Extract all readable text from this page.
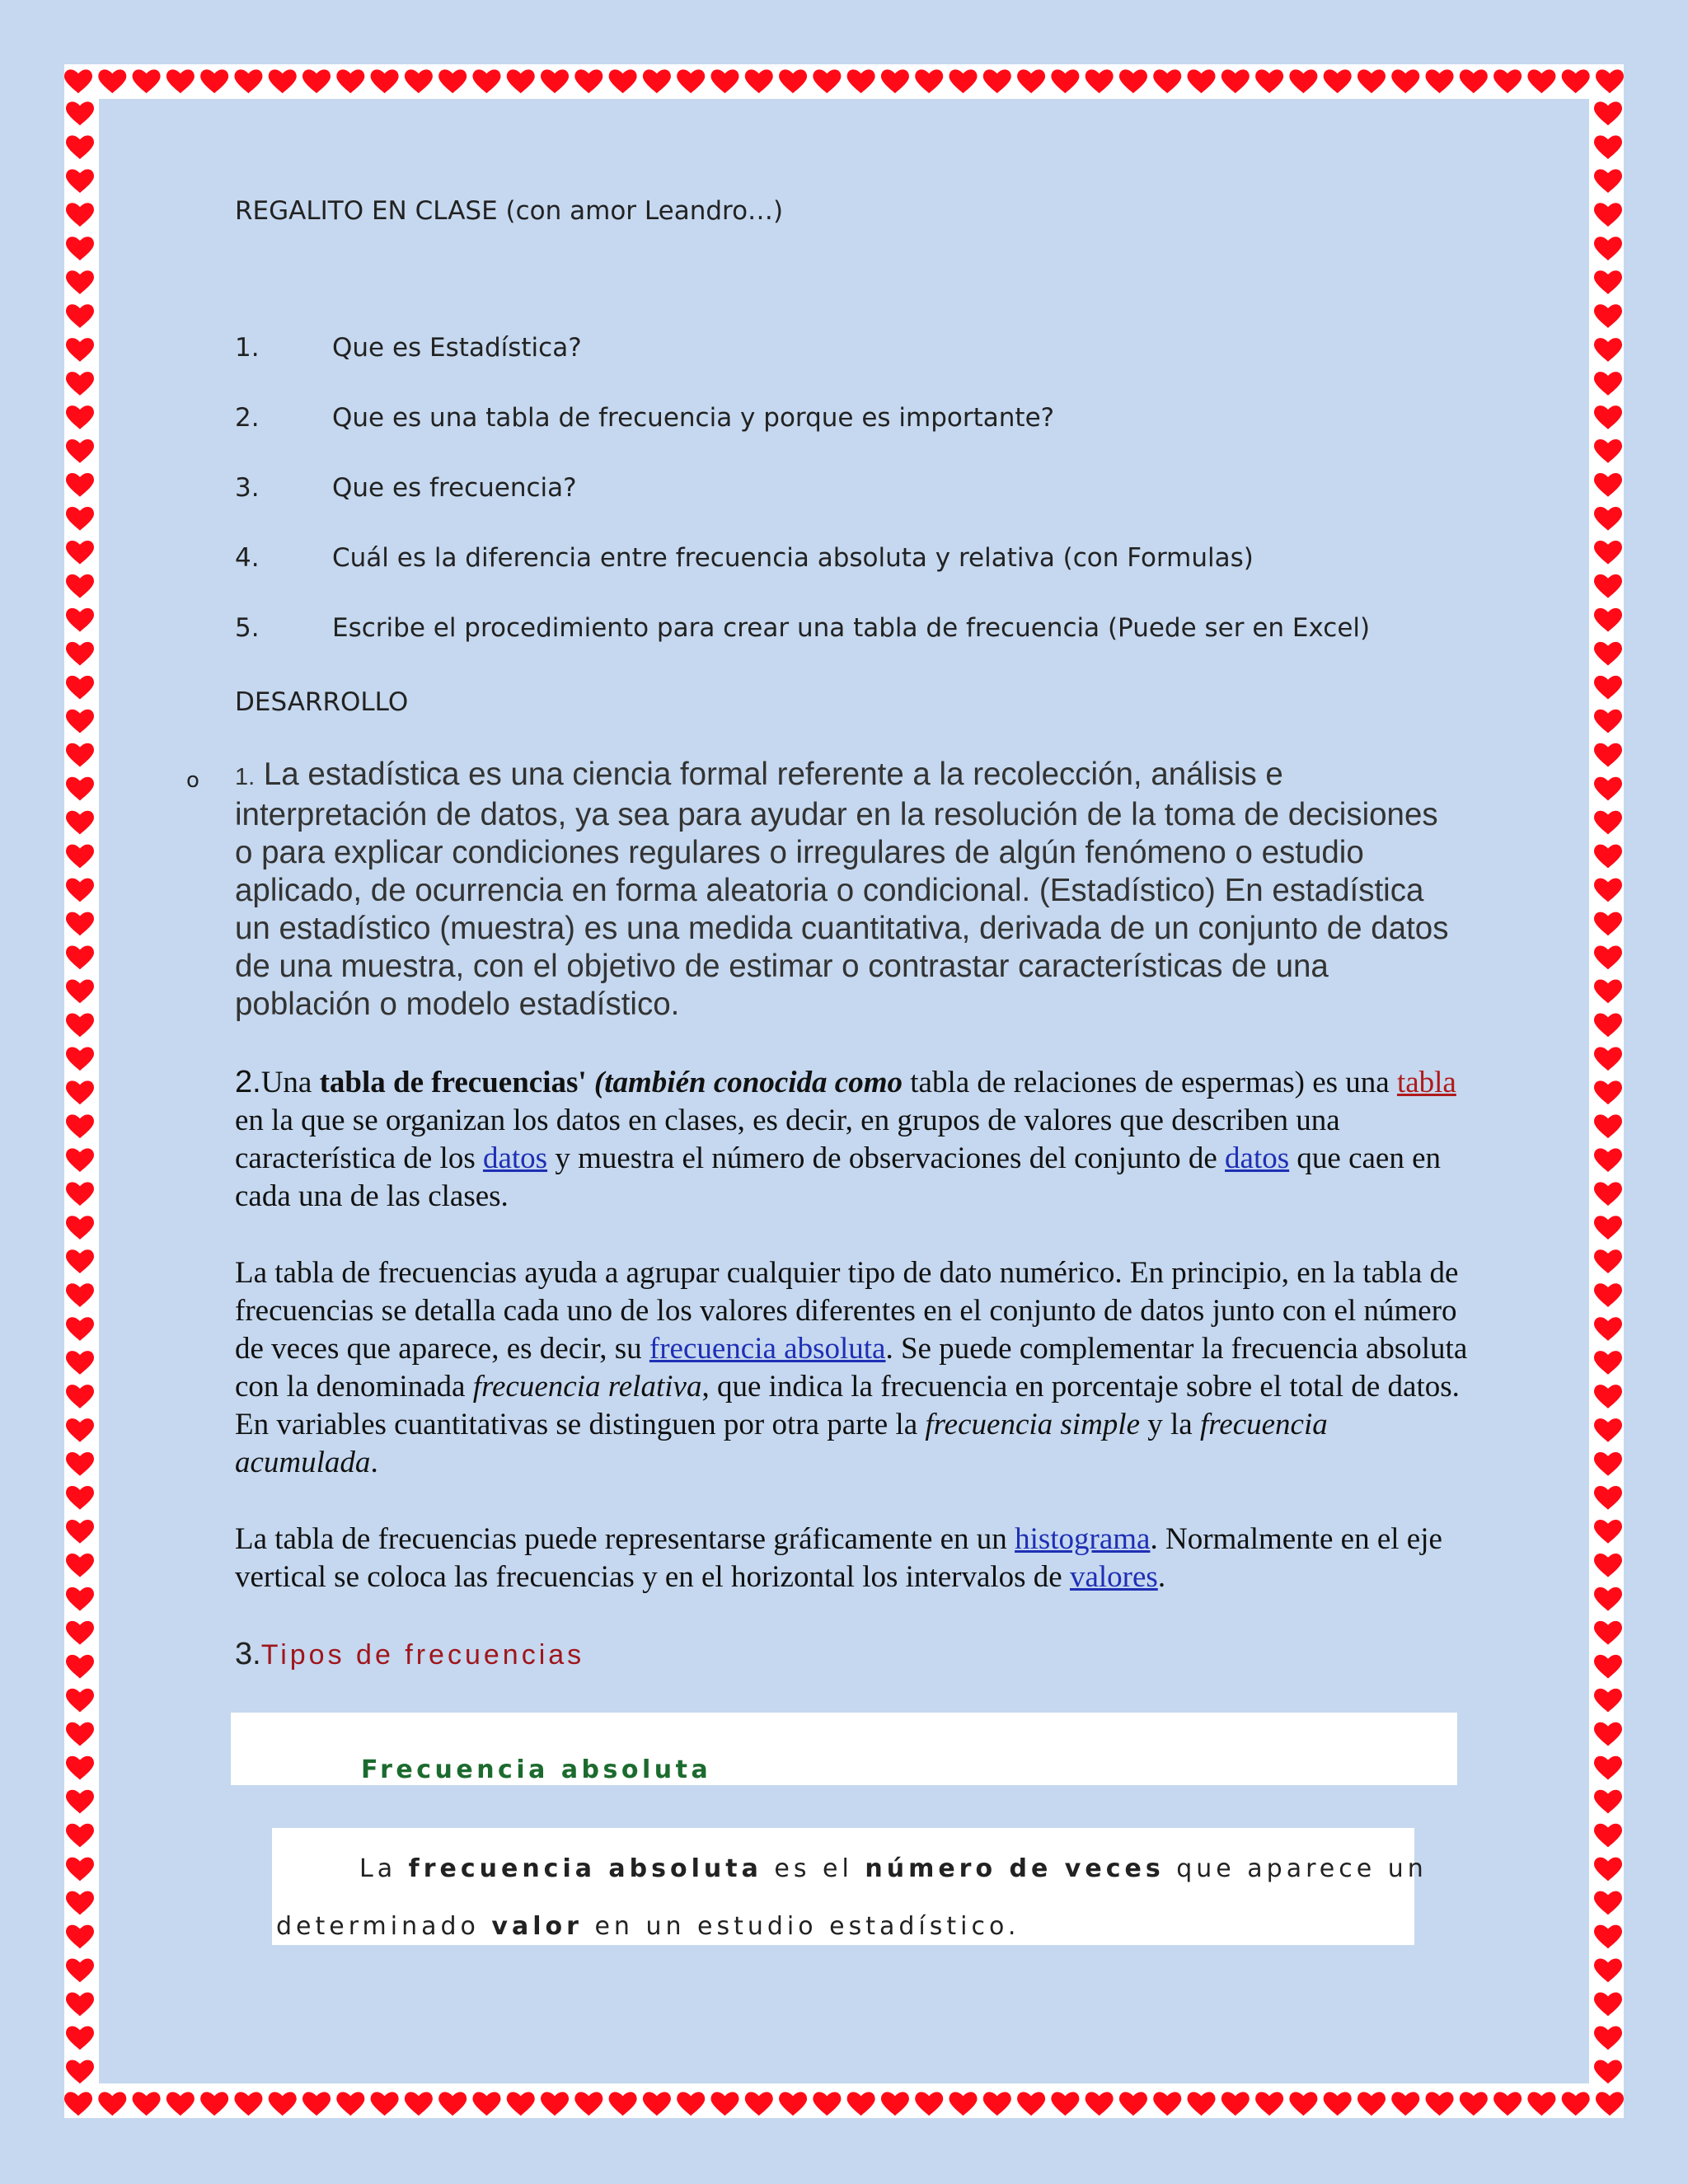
REGALITO EN CLASE (con amor Leandro…)
1.	Que es Estadística?
2.	Que es una tabla de frecuencia y porque es importante?
3.	Que es frecuencia?
4.	Cuál es la diferencia entre frecuencia absoluta y relativa (con Formulas)
5.	Escribe el procedimiento para crear una tabla de frecuencia (Puede ser en Excel)
DESARROLLO
o 1. La estadística es una ciencia formal referente a la recolección, análisis e interpretación de datos, ya sea para ayudar en la resolución de la toma de decisiones o para explicar condiciones regulares o irregulares de algún fenómeno o estudio aplicado, de ocurrencia en forma aleatoria o condicional. (Estadístico) En estadística un estadístico (muestra) es una medida cuantitativa, derivada de un conjunto de datos de una muestra, con el objetivo de estimar o contrastar características de una población o modelo estadístico.
2.Una tabla de frecuencias' (también conocida como tabla de relaciones de espermas) es una tabla en la que se organizan los datos en clases, es decir, en grupos de valores que describen una característica de los datos y muestra el número de observaciones del conjunto de datos que caen en cada una de las clases.
La tabla de frecuencias ayuda a agrupar cualquier tipo de dato numérico. En principio, en la tabla de frecuencias se detalla cada uno de los valores diferentes en el conjunto de datos junto con el número de veces que aparece, es decir, su frecuencia absoluta. Se puede complementar la frecuencia absoluta con la denominada frecuencia relativa, que indica la frecuencia en porcentaje sobre el total de datos. En variables cuantitativas se distinguen por otra parte la frecuencia simple y la frecuencia acumulada.
La tabla de frecuencias puede representarse gráficamente en un histograma. Normalmente en el eje vertical se coloca las frecuencias y en el horizontal los intervalos de valores.
3.Tipos de frecuencias
Frecuencia absoluta
La frecuencia absoluta es el número de veces que aparece un
determinado valor en un estudio estadístico.
